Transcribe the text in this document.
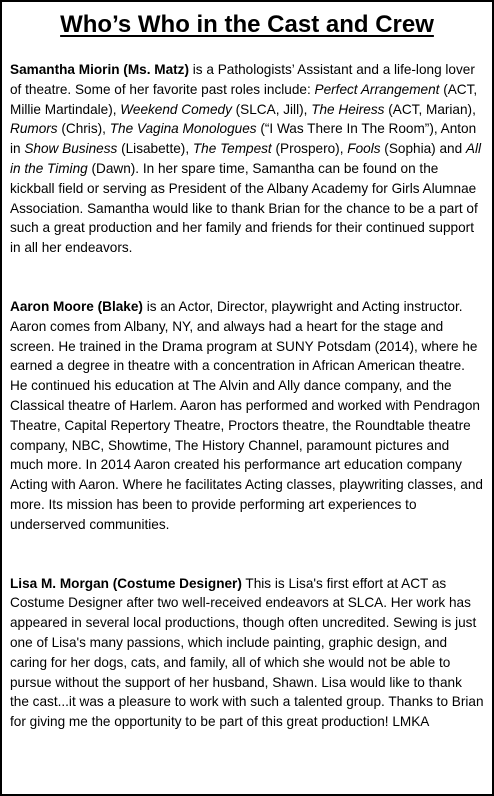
Who’s Who in the Cast and Crew

Samantha Miorin (Ms. Matz) is a Pathologists’ Assistant and a life-long lover of theatre. Some of her favorite past roles include: Perfect Arrangement (ACT, Millie Martindale), Weekend Comedy (SLCA, Jill), The Heiress (ACT, Marian), Rumors (Chris), The Vagina Monologues (“I Was There In The Room”), Anton in Show Business (Lisabette), The Tempest (Prospero), Fools (Sophia) and All in the Timing (Dawn). In her spare time, Samantha can be found on the kickball field or serving as President of the Albany Academy for Girls Alumnae Association. Samantha would like to thank Brian for the chance to be a part of such a great production and her family and friends for their continued support in all her endeavors.

Aaron Moore (Blake) is an Actor, Director, playwright and Acting instructor. Aaron comes from Albany, NY, and always had a heart for the stage and screen. He trained in the Drama program at SUNY Potsdam (2014), where he earned a degree in theatre with a concentration in African American theatre. He continued his education at The Alvin and Ally dance company, and the Classical theatre of Harlem. Aaron has performed and worked with Pendragon Theatre, Capital Repertory Theatre, Proctors theatre, the Roundtable theatre company, NBC, Showtime, The History Channel, paramount pictures and much more. In 2014 Aaron created his performance art education company Acting with Aaron. Where he facilitates Acting classes, playwriting classes, and more. Its mission has been to provide performing art experiences to underserved communities.

Lisa M. Morgan (Costume Designer) This is Lisa's first effort at ACT as Costume Designer after two well-received endeavors at SLCA. Her work has appeared in several local productions, though often uncredited. Sewing is just one of Lisa's many passions, which include painting, graphic design, and caring for her dogs, cats, and family, all of which she would not be able to pursue without the support of her husband, Shawn. Lisa would like to thank the cast...it was a pleasure to work with such a talented group. Thanks to Brian for giving me the opportunity to be part of this great production! LMKA
